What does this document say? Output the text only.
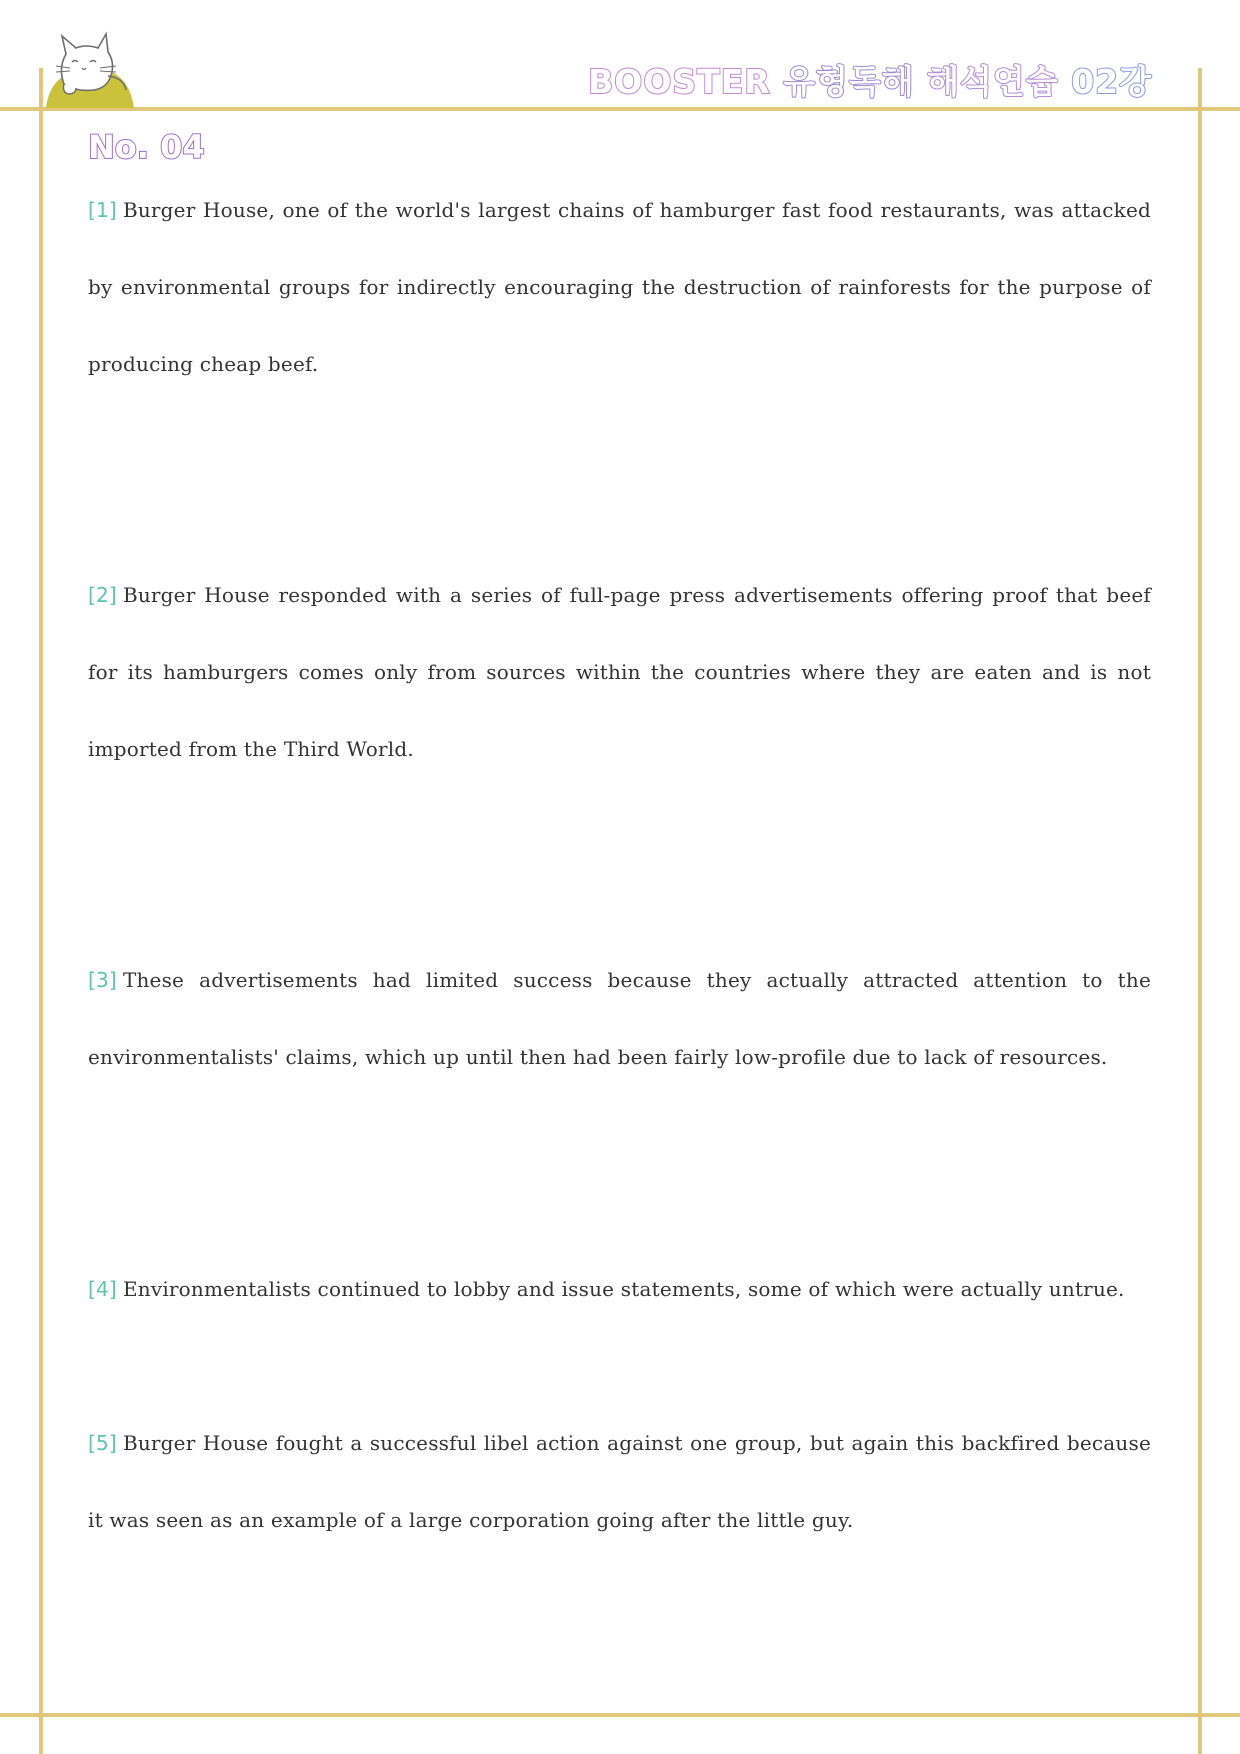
BOOSTER 유형독해 해석연습 02강
No. 04

[1] Burger House, one of the world's largest chains of hamburger fast food restaurants, was attacked by environmental groups for indirectly encouraging the destruction of rainforests for the purpose of producing cheap beef.

[2] Burger House responded with a series of full-page press advertisements offering proof that beef for its hamburgers comes only from sources within the countries where they are eaten and is not imported from the Third World.

[3] These advertisements had limited success because they actually attracted attention to the environmentalists' claims, which up until then had been fairly low-profile due to lack of resources.

[4] Environmentalists continued to lobby and issue statements, some of which were actually untrue.

[5] Burger House fought a successful libel action against one group, but again this backfired because it was seen as an example of a large corporation going after the little guy.
